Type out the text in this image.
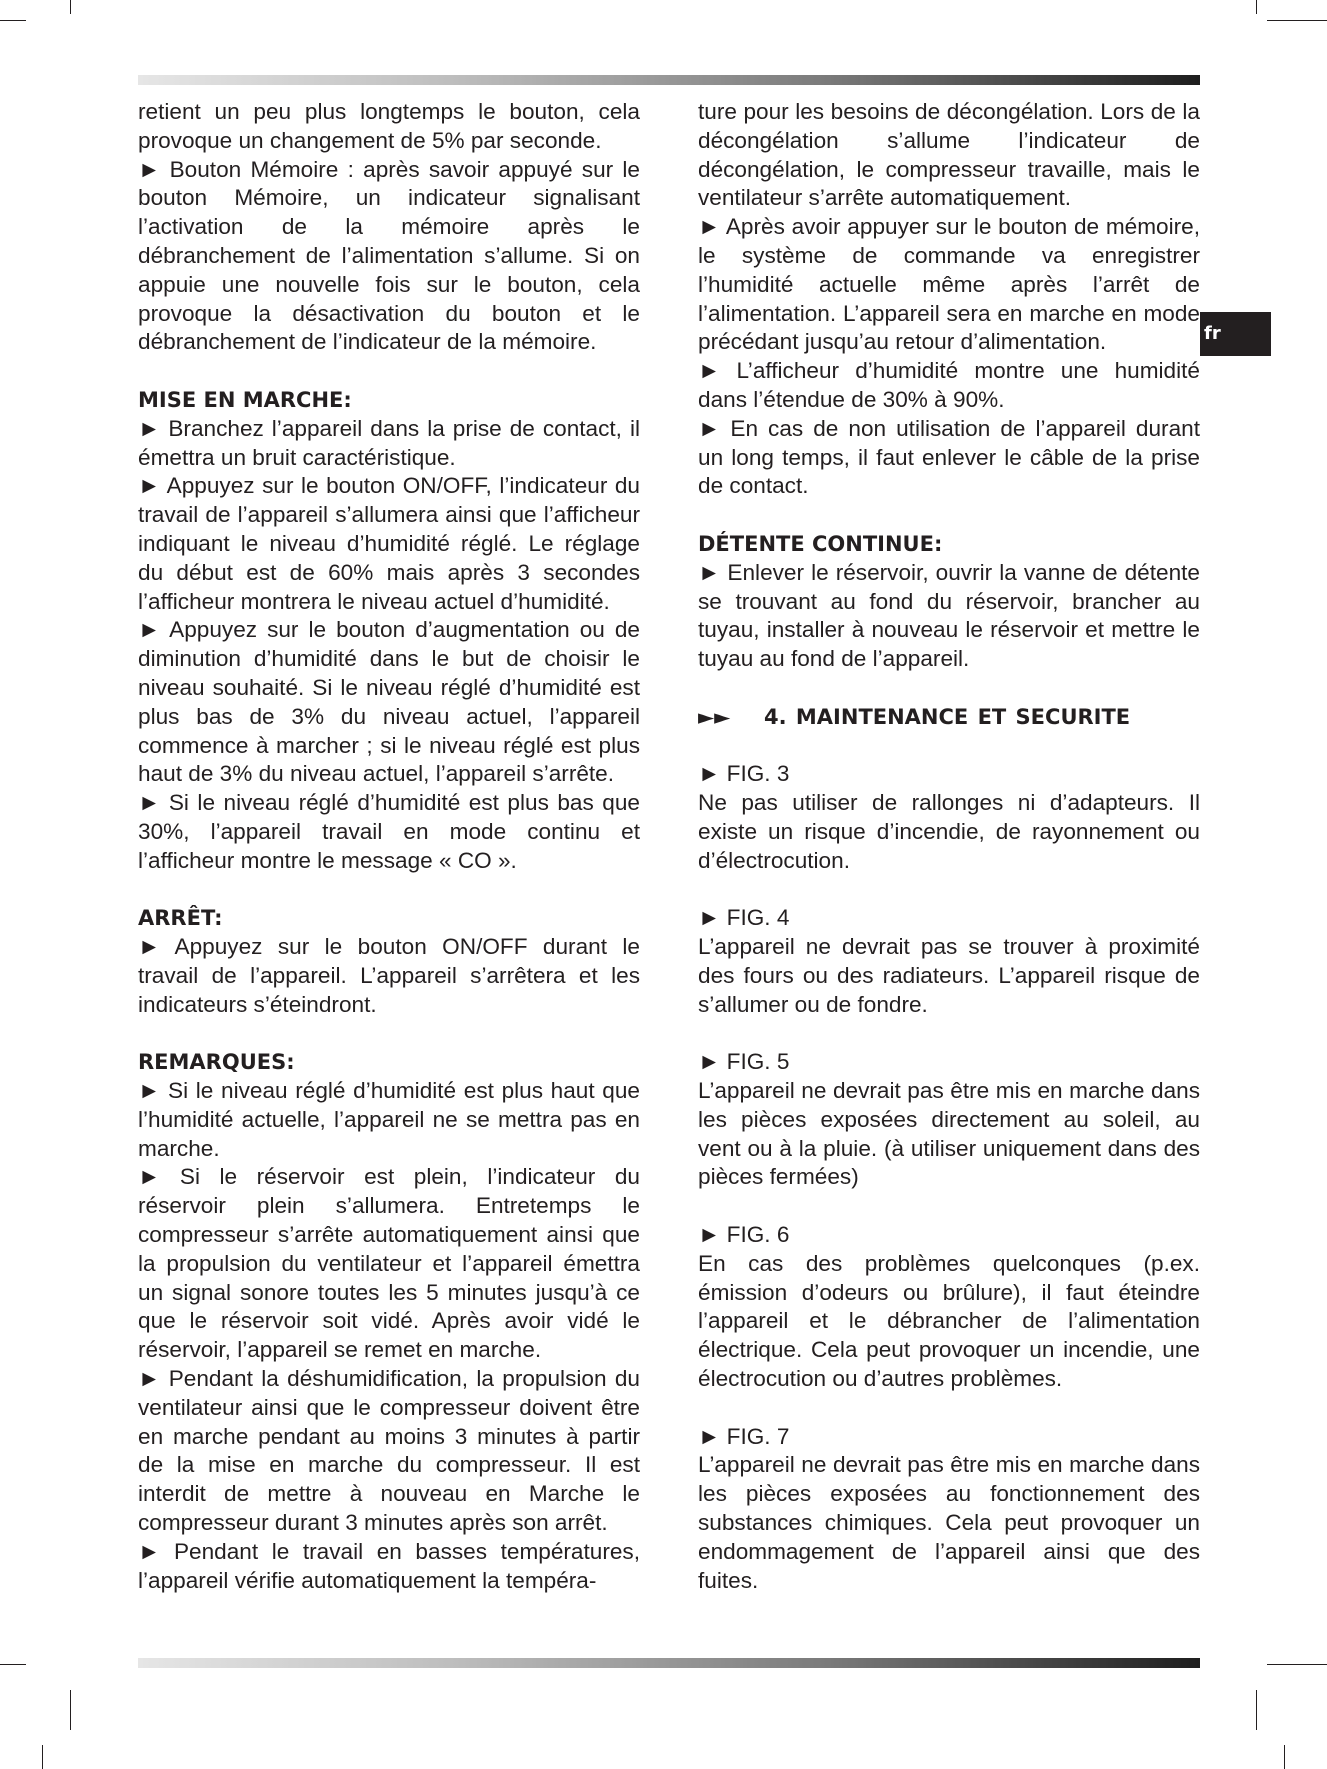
fr

retient un peu plus longtemps le bouton, cela provoque un changement de 5% par seconde.

► Bouton Mémoire : après savoir appuyé sur le bouton Mémoire, un indicateur signalisant l’activation de la mémoire après le débranchement de l’alimentation s’allume. Si on appuie une nouvelle fois sur le bouton, cela provoque la désactivation du bouton et le débranchement de l’indicateur de la mémoire.

MISE EN MARCHE:

► Branchez l’appareil dans la prise de contact, il émettra un bruit caractéristique.

► Appuyez sur le bouton ON/OFF, l’indicateur du travail de l’appareil s’allumera ainsi que l’afficheur indiquant le niveau d’humidité réglé. Le réglage du début est de 60% mais après 3 secondes l’afficheur montrera le niveau actuel d’humidité.

► Appuyez sur le bouton d’augmentation ou de diminution d’humidité dans le but de choisir le niveau souhaité. Si le niveau réglé d’humidité est plus bas de 3% du niveau actuel, l’appareil commence à marcher ; si le niveau réglé est plus haut de 3% du niveau actuel, l’appareil s’arrête.

► Si le niveau réglé d’humidité est plus bas que 30%, l’appareil travail en mode continu et l’afficheur montre le message « CO ».

ARRÊT:

► Appuyez sur le bouton ON/OFF durant le travail de l’appareil. L’appareil s’arrêtera et les indicateurs s’éteindront.

REMARQUES:

► Si le niveau réglé d’humidité est plus haut que l’humidité actuelle, l’appareil ne se mettra pas en marche.

► Si le réservoir est plein, l’indicateur du réservoir plein s’allumera. Entretemps le compresseur s’arrête automatiquement ainsi que la propulsion du ventilateur et l’appareil émettra un signal sonore toutes les 5 minutes jusqu’à ce que le réservoir soit vidé. Après avoir vidé le réservoir, l’appareil se remet en marche.

► Pendant la déshumidification, la propulsion du ventilateur ainsi que le compresseur doivent être en marche pendant au moins 3 minutes à partir de la mise en marche du compresseur. Il est interdit de mettre à nouveau en Marche le compresseur durant 3 minutes après son arrêt.

► Pendant le travail en basses températures, l’appareil vérifie automatiquement la tempéra-

ture pour les besoins de décongélation. Lors de la décongélation s’allume l’indicateur de décongélation, le compresseur travaille, mais le ventilateur s’arrête automatiquement.

► Après avoir appuyer sur le bouton de mémoire, le système de commande va enregistrer l’humidité actuelle même après l’arrêt de l’alimentation. L’appareil sera en marche en mode précédant jusqu’au retour d’alimentation.

► L’afficheur d’humidité montre une humidité dans l’étendue de 30% à 90%.

► En cas de non utilisation de l’appareil durant un long temps, il faut enlever le câble de la prise de contact.

DÉTENTE CONTINUE:

► Enlever le réservoir, ouvrir la vanne de détente se trouvant au fond du réservoir, brancher au tuyau, installer à nouveau le réservoir et mettre le tuyau au fond de l’appareil.

►► 4. MAINTENANCE ET SECURITE

► FIG. 3

Ne pas utiliser de rallonges ni d’adapteurs. Il existe un risque d’incendie, de rayonnement ou d’électrocution.

► FIG. 4

L’appareil ne devrait pas se trouver à proximité des fours ou des radiateurs. L’appareil risque de s’allumer ou de fondre.

► FIG. 5

L’appareil ne devrait pas être mis en marche dans les pièces exposées directement au soleil, au vent ou à la pluie. (à utiliser uniquement dans des pièces fermées)

► FIG. 6

En cas des problèmes quelconques (p.ex. émission d’odeurs ou brûlure), il faut éteindre l’appareil et le débrancher de l’alimentation électrique. Cela peut provoquer un incendie, une électrocution ou d’autres problèmes.

► FIG. 7

L’appareil ne devrait pas être mis en marche dans les pièces exposées au fonctionnement des substances chimiques. Cela peut provoquer un endommagement de l’appareil ainsi que des fuites.
